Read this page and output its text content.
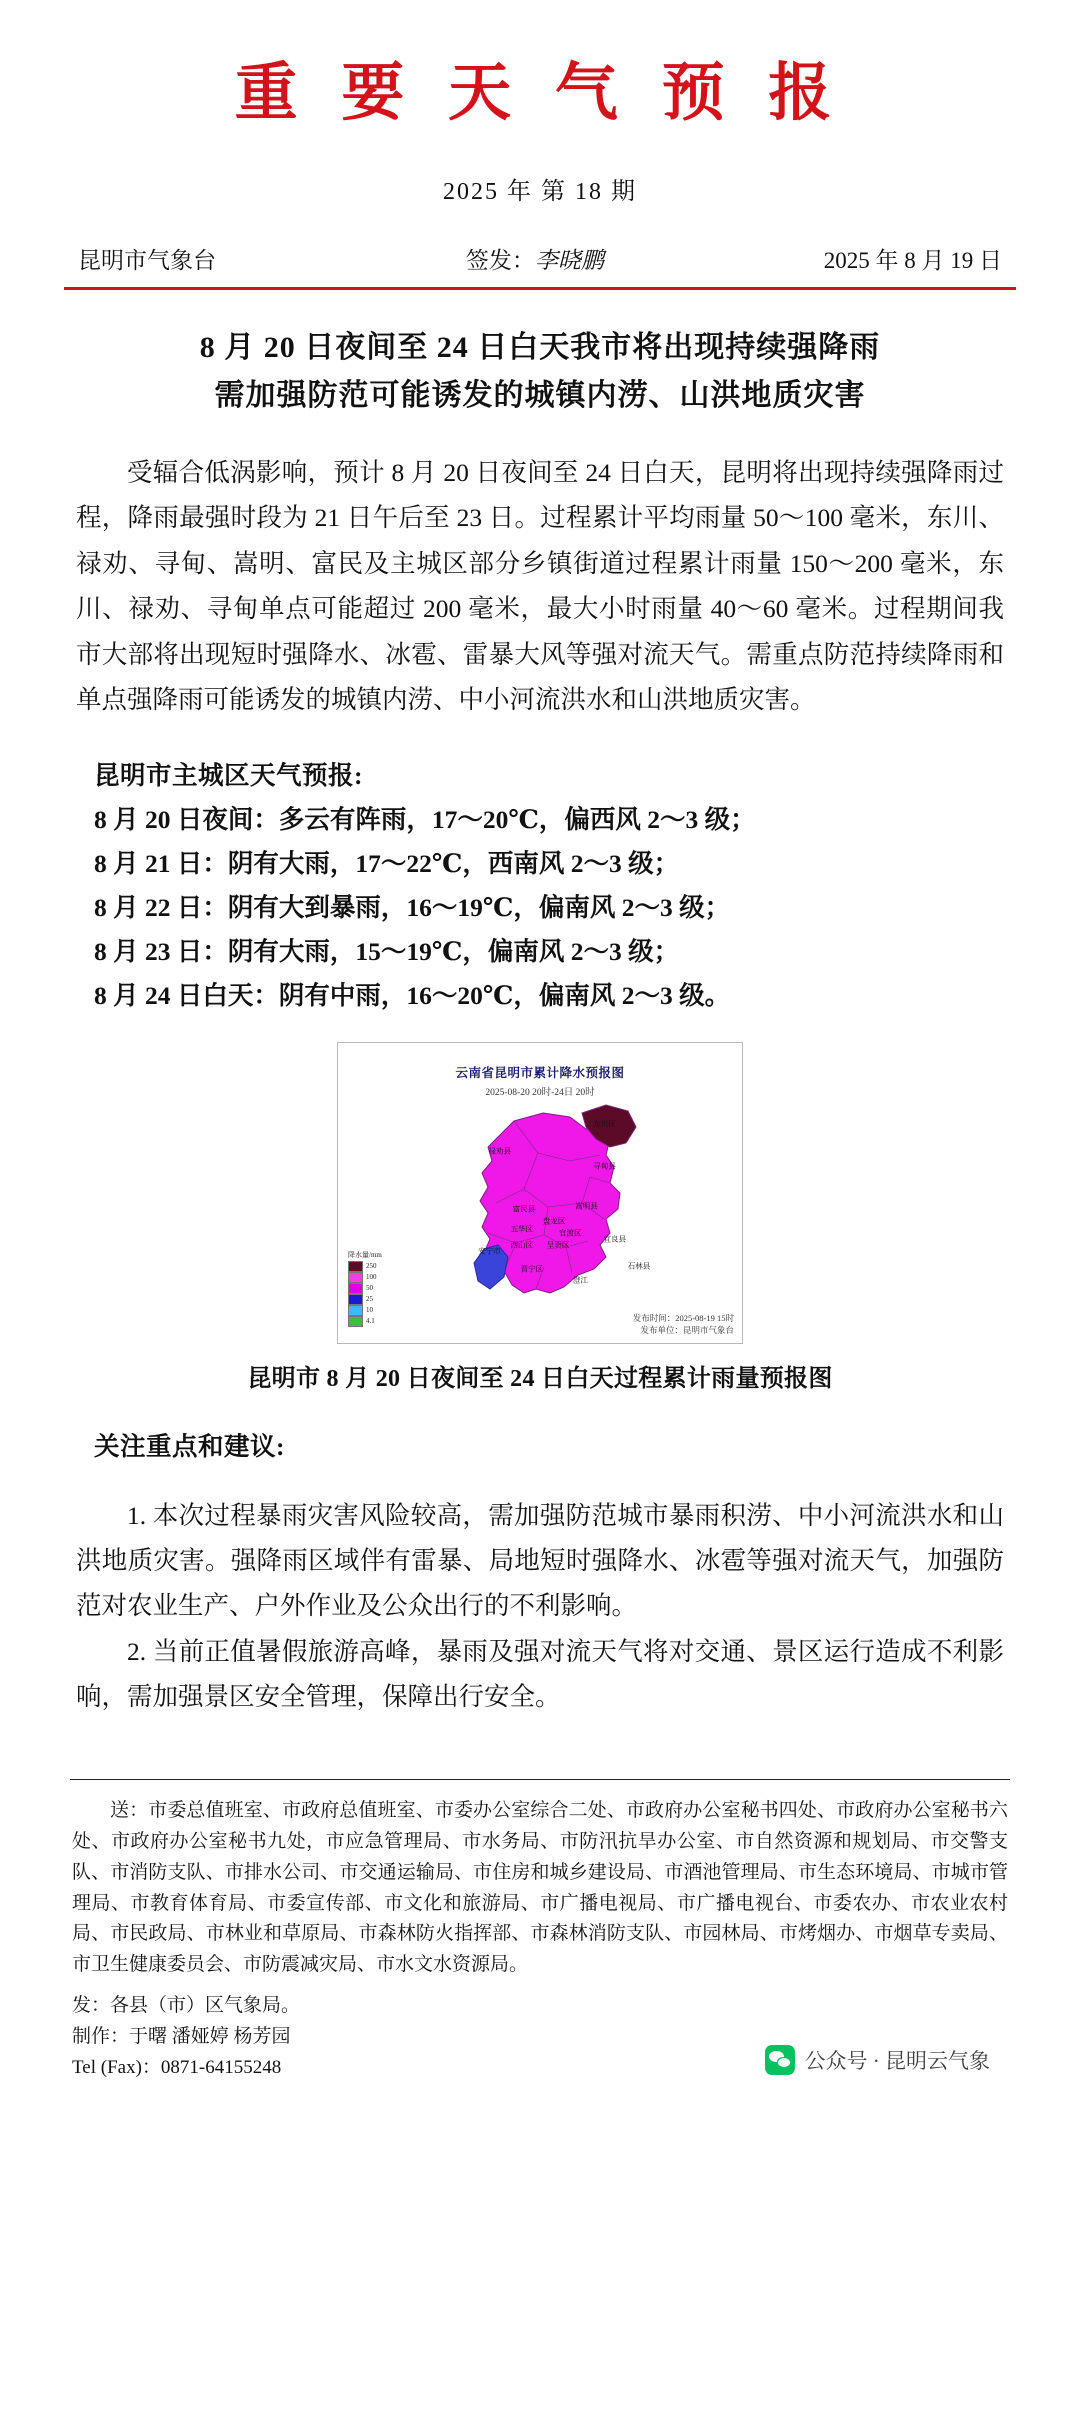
重 要 天 气 预 报
2025 年 第 18 期
昆明市气象台	签发：李晓鹏	2025 年 8 月 19 日
8 月 20 日夜间至 24 日白天我市将出现持续强降雨
需加强防范可能诱发的城镇内涝、山洪地质灾害

受辐合低涡影响，预计 8 月 20 日夜间至 24 日白天，昆明将出现持续强降雨过程，降雨最强时段为 21 日午后至 23 日。过程累计平均雨量 50～100 毫米，东川、禄劝、寻甸、嵩明、富民及主城区部分乡镇街道过程累计雨量 150～200 毫米，东川、禄劝、寻甸单点可能超过 200 毫米，最大小时雨量 40～60 毫米。过程期间我市大部将出现短时强降水、冰雹、雷暴大风等强对流天气。需重点防范持续降雨和单点强降雨可能诱发的城镇内涝、中小河流洪水和山洪地质灾害。

昆明市主城区天气预报:
8 月 20 日夜间：多云有阵雨，17～20℃，偏西风 2～3 级；
8 月 21 日：阴有大雨，17～22℃，西南风 2～3 级；
8 月 22 日：阴有大到暴雨，16～19℃，偏南风 2～3 级；
8 月 23 日：阴有大雨，15～19℃，偏南风 2～3 级；
8 月 24 日白天：阴有中雨，16～20℃，偏南风 2～3 级。
云南省昆明市累计降水预报图
2025-08-20 20时-24日 20时
东川区
禄劝县
寻甸县
富民县	嵩明县
盘龙区
五华区	官渡区
西山区 呈贡区
安宁市
晋宁区
宜良县
石林县
澄江
降水量/mm
250
100
50
25
10
4.1	发布时间：2025-08-19 15时
发布单位：昆明市气象台
昆明市 8 月 20 日夜间至 24 日白天过程累计雨量预报图
关注重点和建议:

1. 本次过程暴雨灾害风险较高，需加强防范城市暴雨积涝、中小河流洪水和山洪地质灾害。强降雨区域伴有雷暴、局地短时强降水、冰雹等强对流天气，加强防范对农业生产、户外作业及公众出行的不利影响。

2. 当前正值暑假旅游高峰，暴雨及强对流天气将对交通、景区运行造成不利影响，需加强景区安全管理，保障出行安全。

送：市委总值班室、市政府总值班室、市委办公室综合二处、市政府办公室秘书四处、市政府办公室秘书六处、市政府办公室秘书九处，市应急管理局、市水务局、市防汛抗旱办公室、市自然资源和规划局、市交警支队、市消防支队、市排水公司、市交通运输局、市住房和城乡建设局、市酒池管理局、市生态环境局、市城市管理局、市教育体育局、市委宣传部、市文化和旅游局、市广播电视局、市广播电视台、市委农办、市农业农村局、市民政局、市林业和草原局、市森林防火指挥部、市森林消防支队、市园林局、市烤烟办、市烟草专卖局、市卫生健康委员会、市防震减灾局、市水文水资源局。
发：各县（市）区气象局。
制作：于曙 潘娅婷 杨芳园
Tel (Fax)：0871-64155248	公众号 · 昆明云气象
